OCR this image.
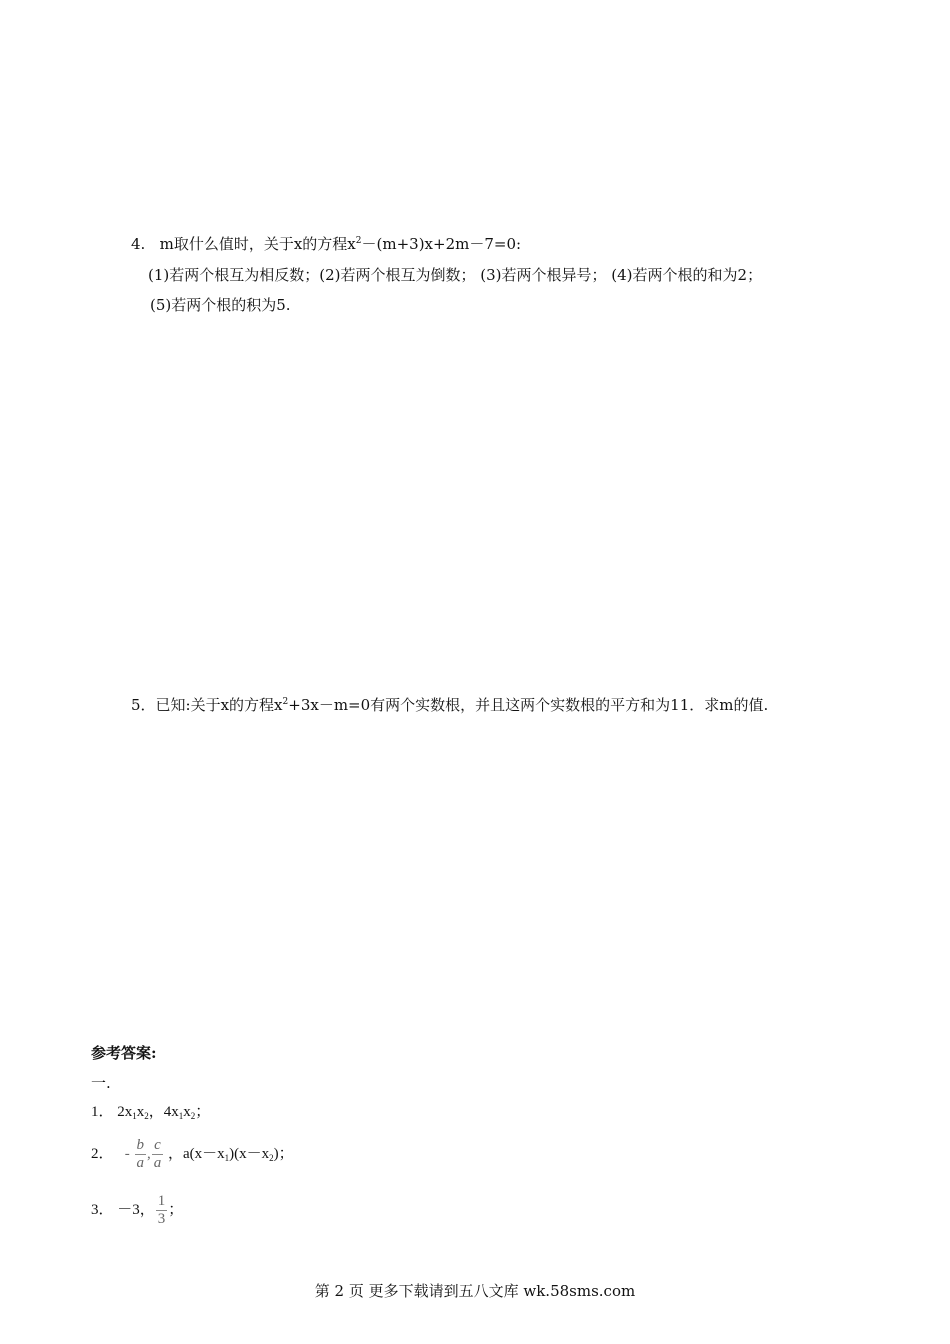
4. m取什么值时，关于x的方程$x^2-(m+3)x+2m-7=0$:
(1)若两个根互为相反数；(2)若两个根互为倒数； (3)若两个根异号； (4)若两个根的和为2；
(5)若两个根的积为5.
5．已知:关于x的方程$x^2+3x-m=0$有两个实数根，并且这两个实数根的平方和为11．求m的值.
参考答案:
一.
1． $2x_1x_2$，$4x_1x_2$；
2． - $\frac{b}{a}$ , $\frac{c}{a}$ ，$a(x-x_1)(x-x_2)$；
3． －3， $\frac{1}{3}$ ；
第 2 页 更多下载请到五八文库 wk.58sms.com
